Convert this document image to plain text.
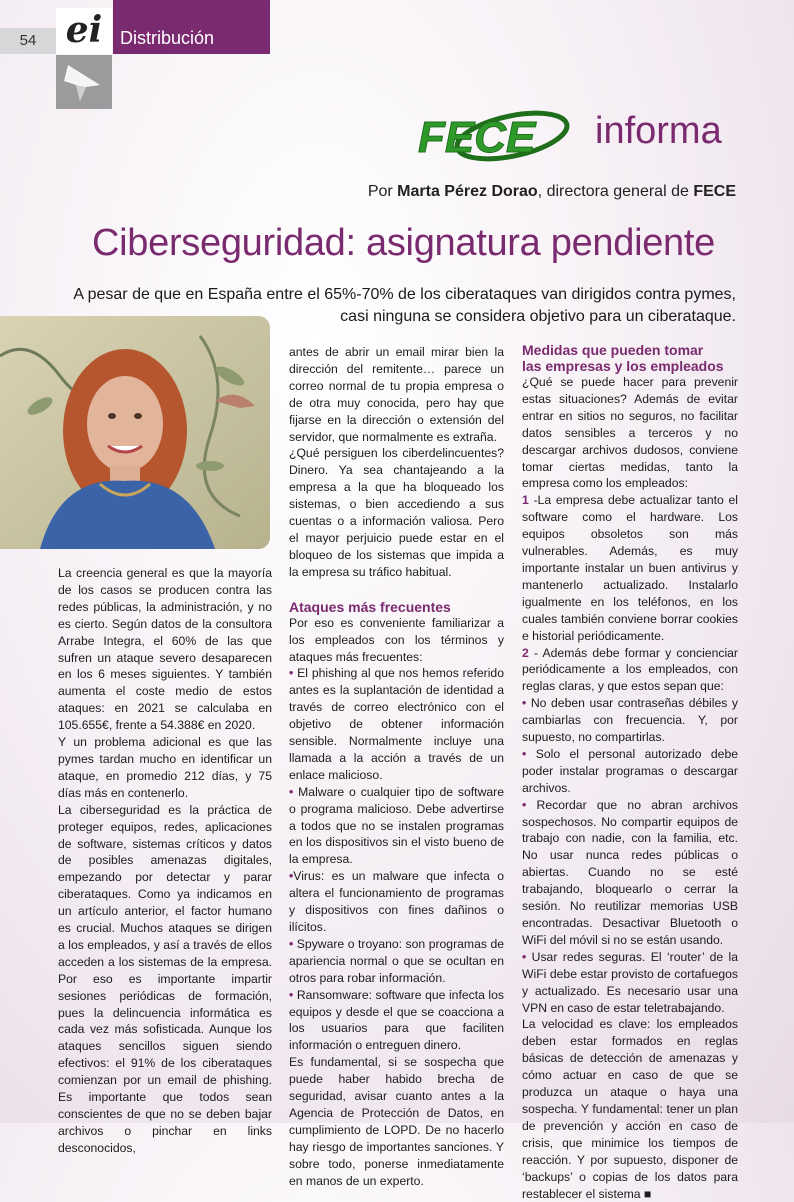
54 ei Distribución
FECE informa
Por Marta Pérez Dorao, directora general de FECE
Ciberseguridad: asignatura pendiente
A pesar de que en España entre el 65%-70% de los ciberataques van dirigidos contra pymes,
casi ninguna se considera objetivo para un ciberataque.

La creencia general es que la mayoría de los casos se producen contra las redes públicas, la administración, y no es cierto. Según datos de la consultora Arrabe Integra, el 60% de las que sufren un ataque severo desaparecen en los 6 meses siguientes. Y también aumenta el coste medio de estos ataques: en 2021 se calculaba en 105.655€, frente a 54.388€ en 2020.

Y un problema adicional es que las pymes tardan mucho en identificar un ataque, en promedio 212 días, y 75 días más en contenerlo.

La ciberseguridad es la práctica de proteger equipos, redes, aplicaciones de software, sistemas críticos y datos de posibles amenazas digitales, empezando por detectar y parar ciberataques. Como ya indicamos en un artículo anterior, el factor humano es crucial. Muchos ataques se dirigen a los empleados, y así a través de ellos acceden a los sistemas de la empresa. Por eso es importante impartir sesiones periódicas de formación, pues la delincuencia informática es cada vez más sofisticada. Aunque los ataques sencillos siguen siendo efectivos: el 91% de los ciberataques comienzan por un email de phishing. Es importante que todos sean conscientes de que no se deben bajar archivos o pinchar en links desconocidos,

antes de abrir un email mirar bien la dirección del remitente… parece un correo normal de tu propia empresa o de otra muy conocida, pero hay que fijarse en la dirección o extensión del servidor, que normalmente es extraña.

¿Qué persiguen los ciberdelincuentes? Dinero. Ya sea chantajeando a la empresa a la que ha bloqueado los sistemas, o bien accediendo a sus cuentas o a información valiosa. Pero el mayor perjuicio puede estar en el bloqueo de los sistemas que impida a la empresa su tráfico habitual.

Ataques más frecuentes

Por eso es conveniente familiarizar a los empleados con los términos y ataques más frecuentes:

• El phishing al que nos hemos referido antes es la suplantación de identidad a través de correo electrónico con el objetivo de obtener información sensible. Normalmente incluye una llamada a la acción a través de un enlace malicioso.

• Malware o cualquier tipo de software o programa malicioso. Debe advertirse a todos que no se instalen programas en los dispositivos sin el visto bueno de la empresa.

•Virus: es un malware que infecta o altera el funcionamiento de programas y dispositivos con fines dañinos o ilícitos.

• Spyware o troyano: son programas de apariencia normal o que se ocultan en otros para robar información.

• Ransomware: software que infecta los equipos y desde el que se coacciona a los usuarios para que faciliten información o entreguen dinero.

Es fundamental, si se sospecha que puede haber habido brecha de seguridad, avisar cuanto antes a la Agencia de Protección de Datos, en cumplimiento de LOPD. De no hacerlo hay riesgo de importantes sanciones. Y sobre todo, ponerse inmediatamente en manos de un experto.

Medidas que pueden tomar
las empresas y los empleados

¿Qué se puede hacer para prevenir estas situaciones? Además de evitar entrar en sitios no seguros, no facilitar datos sensibles a terceros y no descargar archivos dudosos, conviene tomar ciertas medidas, tanto la empresa como los empleados:

1 -La empresa debe actualizar tanto el software como el hardware. Los equipos obsoletos son más vulnerables. Además, es muy importante instalar un buen antivirus y mantenerlo actualizado. Instalarlo igualmente en los teléfonos, en los cuales también conviene borrar cookies e historial periódicamente.

2 - Además debe formar y concienciar periódicamente a los empleados, con reglas claras, y que estos sepan que:

• No deben usar contraseñas débiles y cambiarlas con frecuencia. Y, por supuesto, no compartirlas.

• Solo el personal autorizado debe poder instalar programas o descargar archivos.

• Recordar que no abran archivos sospechosos. No compartir equipos de trabajo con nadie, con la familia, etc. No usar nunca redes públicas o abiertas. Cuando no se esté trabajando, bloquearlo o cerrar la sesión. No reutilizar memorias USB encontradas. Desactivar Bluetooth o WiFi del móvil si no se están usando.

• Usar redes seguras. El ‘router’ de la WiFi debe estar provisto de cortafuegos y actualizado. Es necesario usar una VPN en caso de estar teletrabajando.

La velocidad es clave: los empleados deben estar formados en reglas básicas de detección de amenazas y cómo actuar en caso de que se produzca un ataque o haya una sospecha. Y fundamental: tener un plan de prevención y acción en caso de crisis, que minimice los tiempos de reacción. Y por supuesto, disponer de ‘backups’ o copias de los datos para restablecer el sistema ■
